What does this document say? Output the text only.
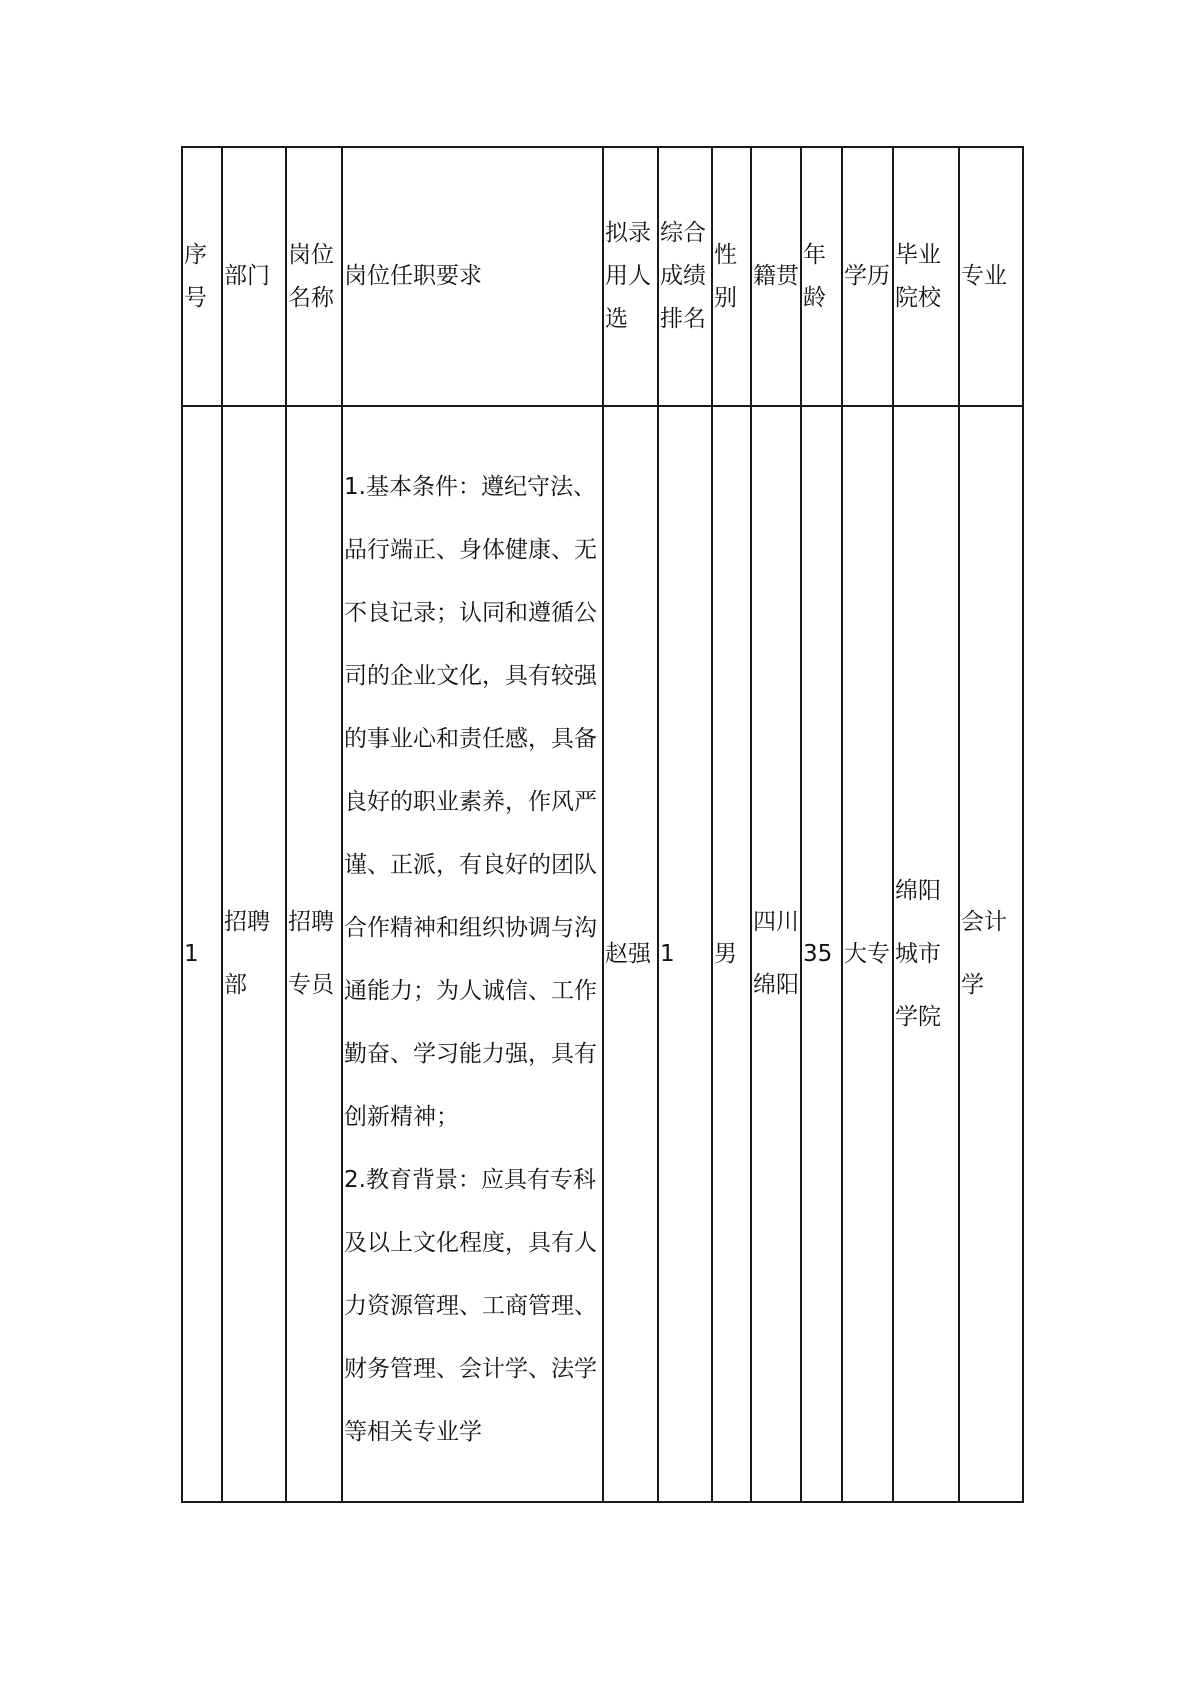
序号	部门	岗位名称	岗位任职要求	拟录用人选	综合成绩排名	性别	籍贯	年龄	学历	毕业院校	专业

1	招聘部	招聘专员	1.基本条件：遵纪守法、品行端正、身体健康、无不良记录；认同和遵循公司的企业文化，具有较强的事业心和责任感，具备良好的职业素养，作风严谨、正派，有良好的团队合作精神和组织协调与沟通能力；为人诚信、工作勤奋、学习能力强，具有创新精神；
2.教育背景：应具有专科及以上文化程度，具有人力资源管理、工商管理、财务管理、会计学、法学等相关专业学	赵强	1	男	四川绵阳	35	大专	绵阳城市学院	会计学
